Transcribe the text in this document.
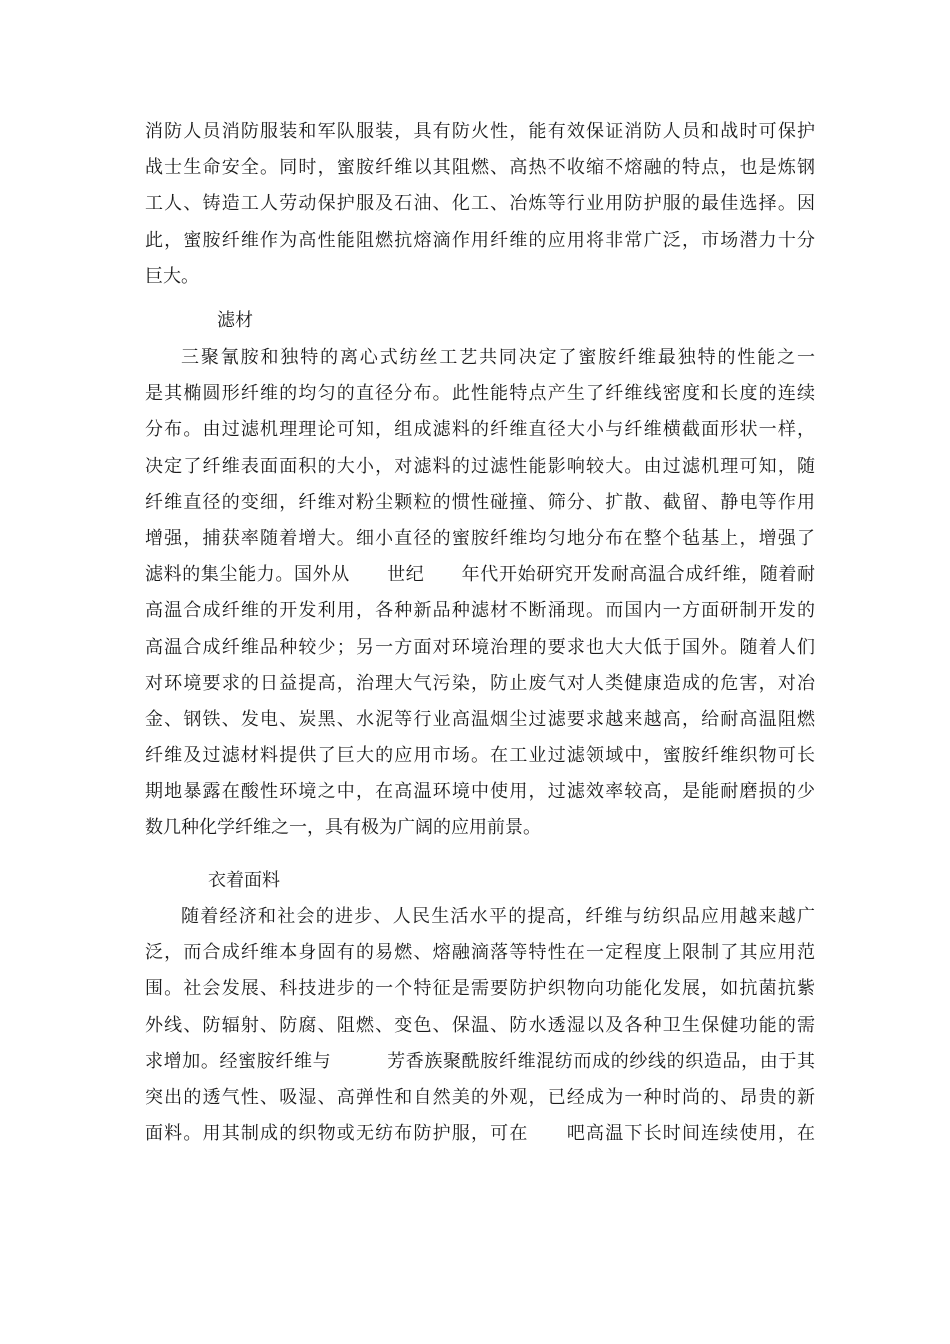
消防人员消防服装和军队服装，具有防火性，能有效保证消防人员和战时可保护
战士生命安全。同时，蜜胺纤维以其阻燃、高热不收缩不熔融的特点，也是炼钢
工人、铸造工人劳动保护服及石油、化工、冶炼等行业用防护服的最佳选择。因
此，蜜胺纤维作为高性能阻燃抗熔滴作用纤维的应用将非常广泛，市场潜力十分
巨大。
滤材
三聚氰胺和独特的离心式纺丝工艺共同决定了蜜胺纤维最独特的性能之一
是其椭圆形纤维的均匀的直径分布。此性能特点产生了纤维线密度和长度的连续
分布。由过滤机理理论可知，组成滤料的纤维直径大小与纤维横截面形状一样，
决定了纤维表面面积的大小，对滤料的过滤性能影响较大。由过滤机理可知，随
纤维直径的变细，纤维对粉尘颗粒的惯性碰撞、筛分、扩散、截留、静电等作用
增强，捕获率随着增大。细小直径的蜜胺纤维均匀地分布在整个毡基上，增强了
滤料的集尘能力。国外从　　世纪　　年代开始研究开发耐高温合成纤维，随着耐
高温合成纤维的开发利用，各种新品种滤材不断涌现。而国内一方面研制开发的
高温合成纤维品种较少；另一方面对环境治理的要求也大大低于国外。随着人们
对环境要求的日益提高，治理大气污染，防止废气对人类健康造成的危害，对冶
金、钢铁、发电、炭黑、水泥等行业高温烟尘过滤要求越来越高，给耐高温阻燃
纤维及过滤材料提供了巨大的应用市场。在工业过滤领域中，蜜胺纤维织物可长
期地暴露在酸性环境之中，在高温环境中使用，过滤效率较高，是能耐磨损的少
数几种化学纤维之一，具有极为广阔的应用前景。
衣着面料
随着经济和社会的进步、人民生活水平的提高，纤维与纺织品应用越来越广
泛，而合成纤维本身固有的易燃、熔融滴落等特性在一定程度上限制了其应用范
围。社会发展、科技进步的一个特征是需要防护织物向功能化发展，如抗菌抗紫
外线、防辐射、防腐、阻燃、变色、保温、防水透湿以及各种卫生保健功能的需
求增加。经蜜胺纤维与　　　芳香族聚酰胺纤维混纺而成的纱线的织造品，由于其
突出的透气性、吸湿、高弹性和自然美的外观，已经成为一种时尚的、昂贵的新
面料。用其制成的织物或无纺布防护服，可在　　吧高温下长时间连续使用，在
